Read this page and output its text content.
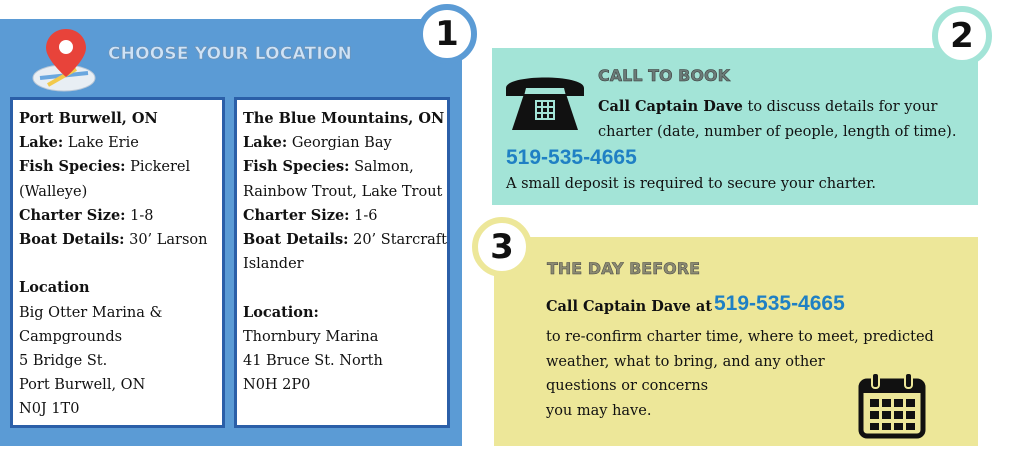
CHOOSE YOUR LOCATION
Port Burwell, ON
Lake: Lake Erie
Fish Species: Pickerel
(Walleye)
Charter Size: 1-8
Boat Details: 30’ Larson
Location
Big Otter Marina &
Campgrounds
5 Bridge St.
Port Burwell, ON
N0J 1T0
The Blue Mountains, ON
Lake: Georgian Bay
Fish Species: Salmon,
Rainbow Trout, Lake Trout
Charter Size: 1-6
Boat Details: 20’ Starcraft
Islander
Location:
Thornbury Marina
41 Bruce St. North
N0H 2P0
CALL TO BOOK
Call Captain Dave to discuss details for your charter (date, number of people, length of time).
519-535-4665
A small deposit is required to secure your charter.
THE DAY BEFORE
Call Captain Dave at 519-535-4665
to re-confirm charter time, where to meet, predicted
weather, what to bring, and any other
questions or concerns
you may have.
1	2
3
